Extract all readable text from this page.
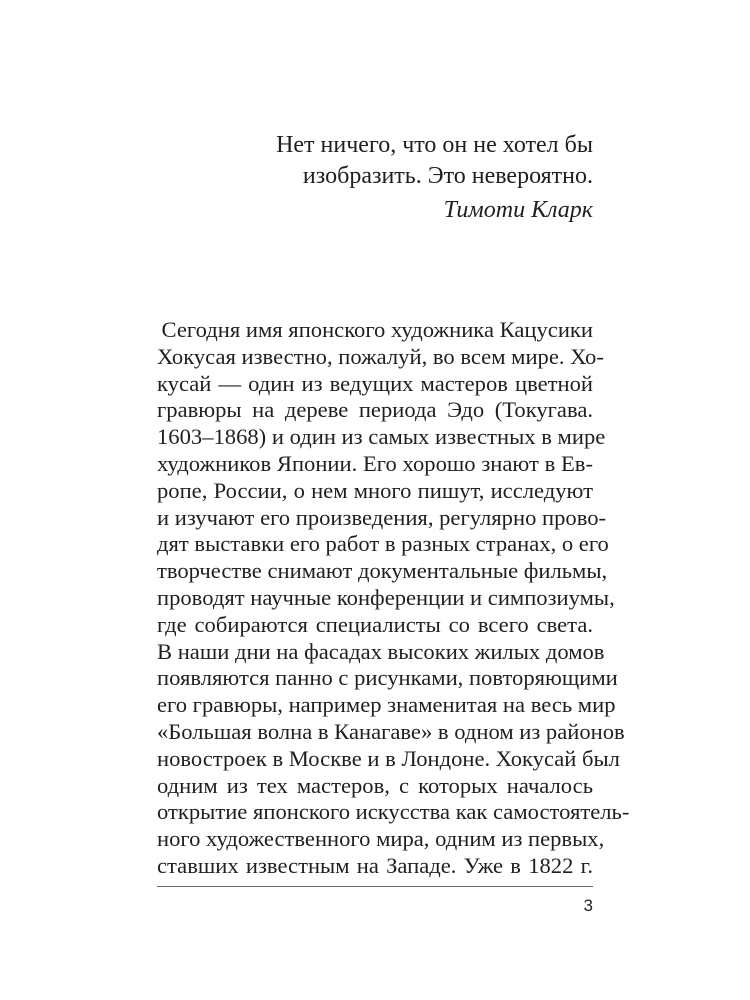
Нет ничего, что он не хотел бы
изобразить. Это невероятно.
Тимоти Кларк
Сегодня имя японского художника Кацусики
Хокусая известно, пожалуй, во всем мире. Хо-
кусай — один из ведущих мастеров цветной
гравюры на дереве периода Эдо (Токугава.
1603–1868) и один из самых известных в мире
художников Японии. Его хорошо знают в Ев-
ропе, России, о нем много пишут, исследуют
и изучают его произведения, регулярно прово-
дят выставки его работ в разных странах, о его
творчестве снимают документальные фильмы,
проводят научные конференции и симпозиумы,
где собираются специалисты со всего света.
В наши дни на фасадах высоких жилых домов
появляются панно с рисунками, повторяющими
его гравюры, например знаменитая на весь мир
«Большая волна в Канагаве» в одном из районов
новостроек в Москве и в Лондоне. Хокусай был
одним из тех мастеров, с которых началось
открытие японского искусства как самостоятель-
ного художественного мира, одним из первых,
ставших известным на Западе. Уже в 1822 г.
3
